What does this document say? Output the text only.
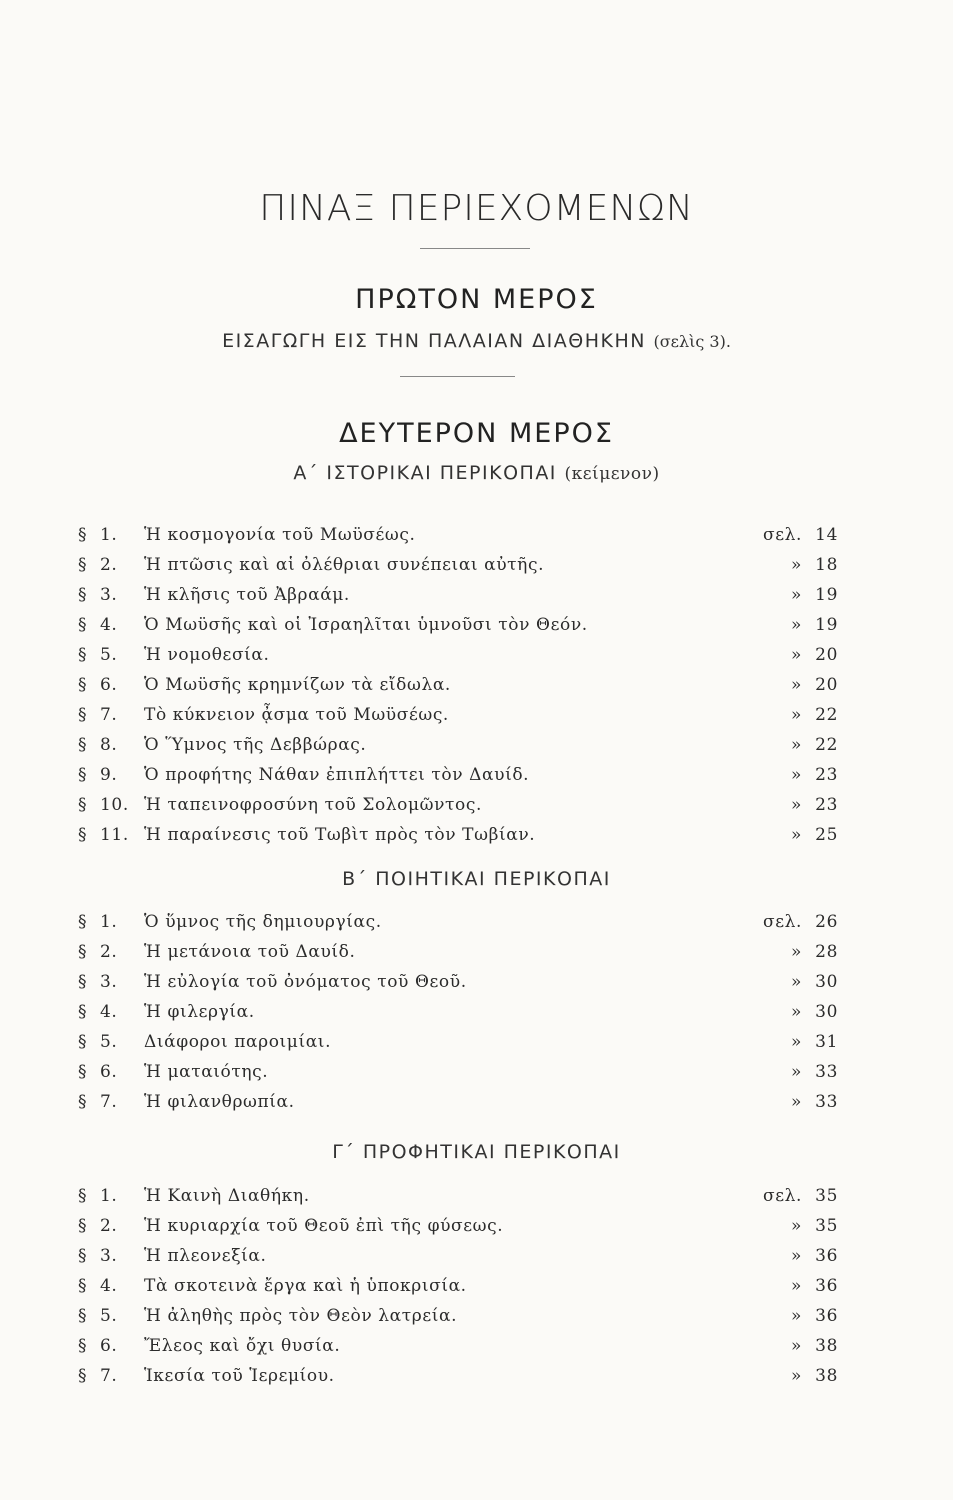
ΠΙΝΑΞ ΠΕΡΙΕΧΟΜΕΝΩΝ
ΠΡΩΤΟΝ ΜΕΡΟΣ
ΕΙΣΑΓΩΓΗ ΕΙΣ ΤΗΝ ΠΑΛΑΙΑΝ ΔΙΑΘΗΚΗΝ (σελὶς 3).
ΔΕΥΤΕΡΟΝ ΜΕΡΟΣ
Α΄ ΙΣΤΟΡΙΚΑΙ ΠΕΡΙΚΟΠΑΙ (κείμενον)
§ 1.	Ἡ κοσμογονία τοῦ Μωϋσέως.	σελ. 14
§ 2.	Ἡ πτῶσις καὶ αἱ ὀλέθριαι συνέπειαι αὐτῆς.	» 18
§ 3.	Ἡ κλῆσις τοῦ Ἀβραάμ.	» 19
§ 4.	Ὁ Μωϋσῆς καὶ οἱ Ἰσραηλῖται ὑμνοῦσι τὸν Θεόν.	» 19
§ 5.	Ἡ νομοθεσία.	» 20
§ 6.	Ὁ Μωϋσῆς κρημνίζων τὰ εἴδωλα.	» 20
§ 7.	Τὸ κύκνειον ᾆσμα τοῦ Μωϋσέως.	» 22
§ 8.	Ὁ Ὕμνος τῆς Δεββώρας.	» 22
§ 9.	Ὁ προφήτης Νάθαν ἐπιπλήττει τὸν Δαυίδ.	» 23
§ 10. Ἡ ταπεινοφροσύνη τοῦ Σολομῶντος.	» 23
§ 11. Ἡ παραίνεσις τοῦ Τωβὶτ πρὸς τὸν Τωβίαν.	» 25
Β΄ ΠΟΙΗΤΙΚΑΙ ΠΕΡΙΚΟΠΑΙ
§ 1.	Ὁ ὕμνος τῆς δημιουργίας.	σελ. 26
§ 2.	Ἡ μετάνοια τοῦ Δαυίδ.	» 28
§ 3.	Ἡ εὐλογία τοῦ ὀνόματος τοῦ Θεοῦ.	» 30
§ 4.	Ἡ φιλεργία.	» 30
§ 5.	Διάφοροι παροιμίαι.	» 31
§ 6.	Ἡ ματαιότης.	» 33
§ 7.	Ἡ φιλανθρωπία.	» 33
Γ΄ ΠΡΟΦΗΤΙΚΑΙ ΠΕΡΙΚΟΠΑΙ
§ 1.	Ἡ Καινὴ Διαθήκη.	σελ. 35
§ 2.	Ἡ κυριαρχία τοῦ Θεοῦ ἐπὶ τῆς φύσεως.	» 35
§ 3.	Ἡ πλεονεξία.	» 36
§ 4.	Τὰ σκοτεινὰ ἔργα καὶ ἡ ὑποκρισία.	» 36
§ 5.	Ἡ ἀληθὴς πρὸς τὸν Θεὸν λατρεία.	» 36
§ 6.	Ἔλεος καὶ ὄχι θυσία.	» 38
§ 7.	Ἱκεσία τοῦ Ἱερεμίου.	» 38
